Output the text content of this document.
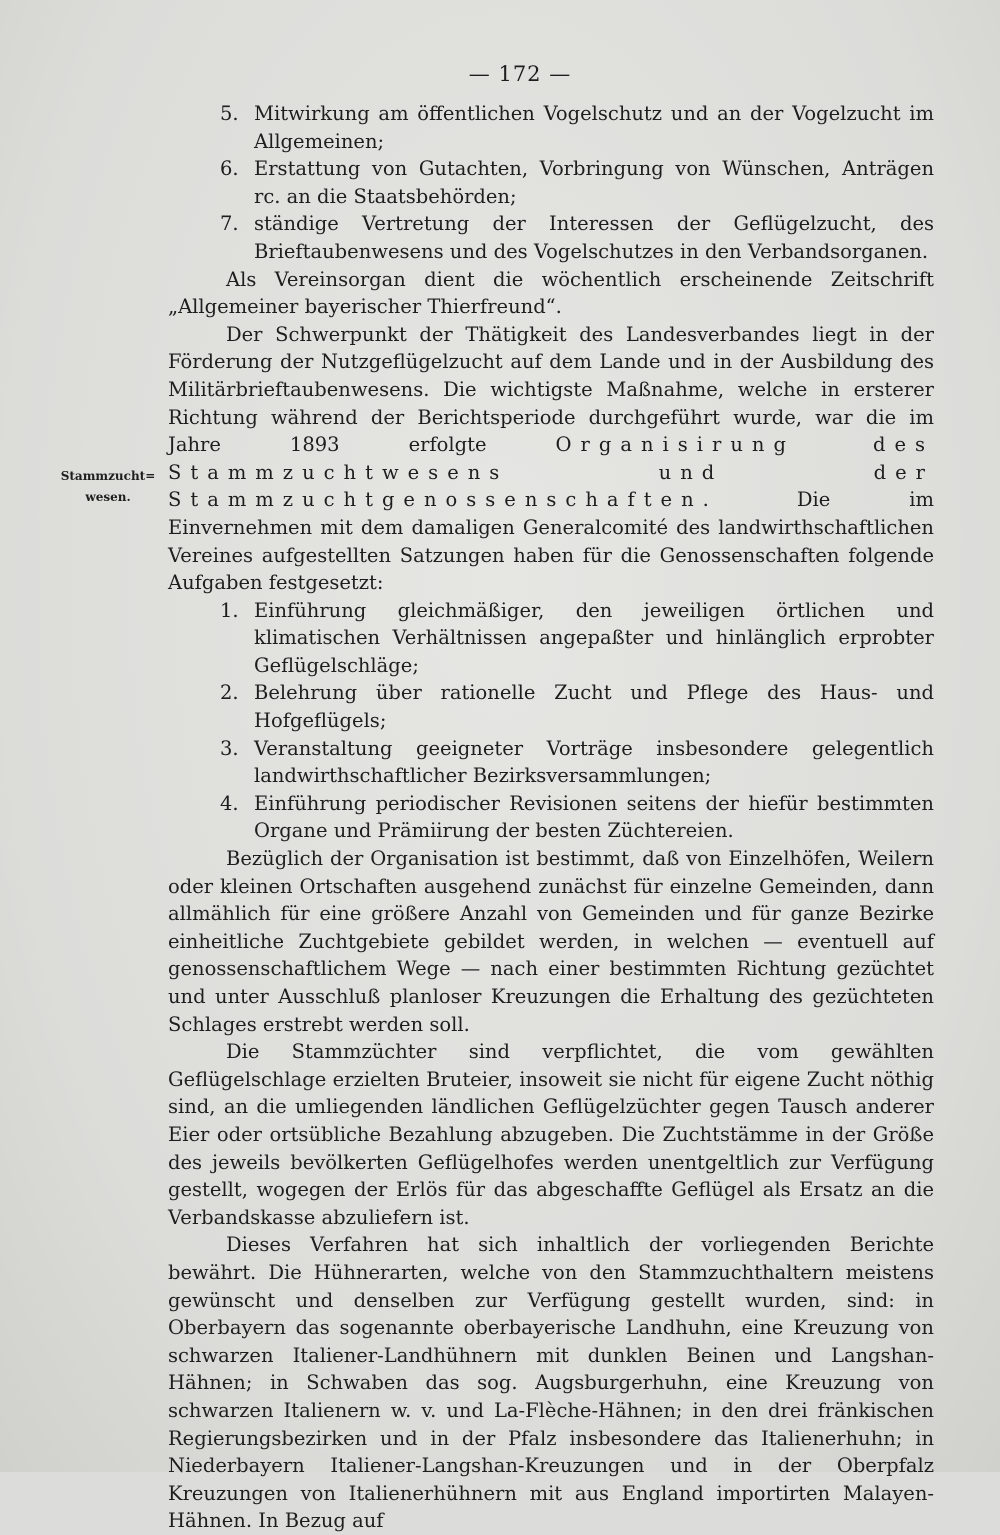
— 172 —
Stammzucht=
wesen.
5. Mitwirkung am öffentlichen Vogelschutz und an der Vogelzucht im Allgemeinen;
6. Erstattung von Gutachten, Vorbringung von Wünschen, Anträgen rc. an die Staatsbehörden;
7. ständige Vertretung der Interessen der Geflügelzucht, des Brieftaubenwesens und des Vogelschutzes in den Verbandsorganen.

Als Vereinsorgan dient die wöchentlich erscheinende Zeitschrift „Allgemeiner bayerischer Thierfreund“.

Der Schwerpunkt der Thätigkeit des Landesverbandes liegt in der Förderung der Nutzgeflügelzucht auf dem Lande und in der Ausbildung des Militärbrieftaubenwesens. Die wichtigste Maßnahme, welche in ersterer Richtung während der Berichtsperiode durchgeführt wurde, war die im Jahre 1893 erfolgte Organisirung des Stammzuchtwesens und der Stammzuchtgenossenschaften. Die im Einvernehmen mit dem damaligen Generalcomité des landwirthschaftlichen Vereines aufgestellten Satzungen haben für die Genossenschaften folgende Aufgaben festgesetzt:

1. Einführung gleichmäßiger, den jeweiligen örtlichen und klimatischen Verhältnissen angepaßter und hinlänglich erprobter Geflügelschläge;
2. Belehrung über rationelle Zucht und Pflege des Haus- und Hofgeflügels;
3. Veranstaltung geeigneter Vorträge insbesondere gelegentlich landwirthschaftlicher Bezirksversammlungen;
4. Einführung periodischer Revisionen seitens der hiefür bestimmten Organe und Prämiirung der besten Züchtereien.

Bezüglich der Organisation ist bestimmt, daß von Einzelhöfen, Weilern oder kleinen Ortschaften ausgehend zunächst für einzelne Gemeinden, dann allmählich für eine größere Anzahl von Gemeinden und für ganze Bezirke einheitliche Zuchtgebiete gebildet werden, in welchen — eventuell auf genossenschaftlichem Wege — nach einer bestimmten Richtung gezüchtet und unter Ausschluß planloser Kreuzungen die Erhaltung des gezüchteten Schlages erstrebt werden soll.

Die Stammzüchter sind verpflichtet, die vom gewählten Geflügelschlage erzielten Bruteier, insoweit sie nicht für eigene Zucht nöthig sind, an die umliegenden ländlichen Geflügelzüchter gegen Tausch anderer Eier oder ortsübliche Bezahlung abzugeben. Die Zuchtstämme in der Größe des jeweils bevölkerten Geflügelhofes werden unentgeltlich zur Verfügung gestellt, wogegen der Erlös für das abgeschaffte Geflügel als Ersatz an die Verbandskasse abzuliefern ist.

Dieses Verfahren hat sich inhaltlich der vorliegenden Berichte bewährt. Die Hühnerarten, welche von den Stammzuchthaltern meistens gewünscht und denselben zur Verfügung gestellt wurden, sind: in Oberbayern das sogenannte oberbayerische Landhuhn, eine Kreuzung von schwarzen Italiener-Landhühnern mit dunklen Beinen und Langshan-Hähnen; in Schwaben das sog. Augsburgerhuhn, eine Kreuzung von schwarzen Italienern w. v. und La-Flèche-Hähnen; in den drei fränkischen Regierungsbezirken und in der Pfalz insbesondere das Italienerhuhn; in Niederbayern Italiener-Langshan-Kreuzungen und in der Oberpfalz Kreuzungen von Italienerhühnern mit aus England importirten Malayen-Hähnen. In Bezug auf
